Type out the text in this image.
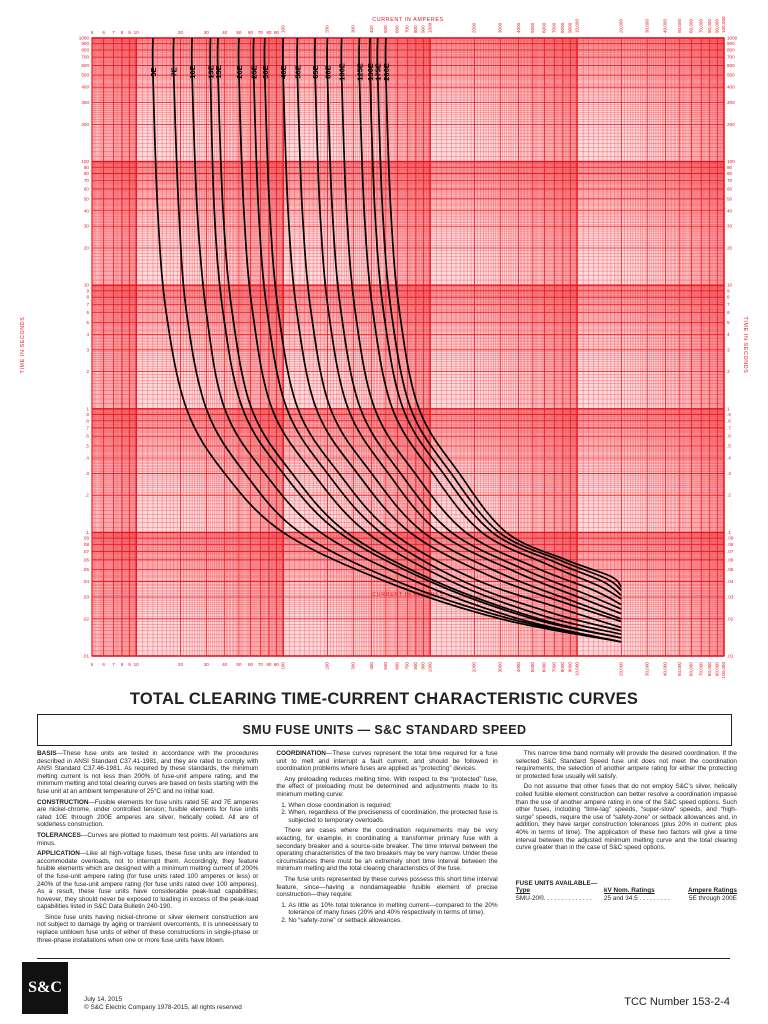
5
5
6
6
7
7
8
8
9
9
10
10
20
20
30
30
40
40
50
50
60
60
70
70
80
80
90
90
100
100
200
200
300
300
400
400
500
500
600
600
700
700
800
800
900
900
1000
1000
2000
2000
3000
3000
4000
4000
5000
5000
6000
6000
7000
7000
8000
8000
9000
9000
10,000
10,000
20,000
20,000
30,000
30,000
40,000
40,000
50,000
50,000
60,000
60,000
70,000
70,000
80,000
80,000
90,000
90,000
100,000
100,000
1000	1000
900	900
800	800
700	700
600	600
500	500
400	400
300	300
200	200
100	100
90	90
80	80
70	70
60	60
50	50
40	40
30	30
20	20
10	10
9	9
8	8
7	7
6	6
5	5
4	4
3	3
2	2
1	1
.9	.9
.8	.8
.7	.7
.6	.6
.5	.5
.4	.4
.3	.3
.2	.2
.1	.1
.09	.09
.08	.08
.07	.07
.06	.06
.05	.05
.04	.04
.03	.03
.02	.02
.01	.01
CURRENT IN AMPERES
CURRENT IN AMPERES
TIME IN SECONDS	TIME IN SECONDS
5E 7E 10E 13E
15E 20E 25E 30E 40E 50E 65E 80E 100E 125E 150E
175E 200E
TOTAL CLEARING TIME-CURRENT CHARACTERISTIC CURVES
SMU FUSE UNITS — S&C STANDARD SPEED

BASIS—These fuse units are tested in accordance with the procedures described in ANSI Standard C37.41-1981, and they are rated to comply with ANSI Standard C37.46-1981. As required by these standards, the minimum melting current is not less than 200% of fuse-unit ampere rating, and the minimum melting and total clearing curves are based on tests starting with the fuse unit at an ambient temperature of 25°C and no initial load.

CONSTRUCTION—Fusible elements for fuse units rated 5E and 7E amperes are nickel-chrome, under controlled tension; fusible elements for fuse units rated 10E through 200E amperes are silver, helically coiled. All are of solderless construction.

TOLERANCES—Curves are plotted to maximum test points. All variations are minus.

APPLICATION—Like all high-voltage fuses, these fuse units are intended to accommodate overloads, not to interrupt them. Accordingly, they feature fusible elements which are designed with a minimum melting current of 200% of the fuse-unit ampere rating (for fuse units rated 100 amperes or less) or 240% of the fuse-unit ampere rating (for fuse units rated over 100 amperes). As a result, these fuse units have considerable peak-load capabilities; however, they should never be exposed to loading in excess of the peak-load capabilities listed in S&C Data Bulletin 240-190.

Since fuse units having nickel-chrome or silver element construction are not subject to damage by aging or transient overcurrents, it is unnecessary to replace unblown fuse units of either of these constructions in single-phase or three-phase installations when one or more fuse units have blown.

COORDINATION—These curves represent the total time required for a fuse unit to melt and interrupt a fault current, and should be followed in coordination problems where fuses are applied as “protecting” devices.

Any preloading reduces melting time. With respect to the “protected” fuse, the effect of preloading must be determined and adjustments made to its minimum melting curve:

1. When close coordination is required;
2. When, regardless of the preciseness of coordination, the protected fuse is subjected to temporary overloads.

There are cases where the coordination requirements may be very exacting, for example, in coordinating a transformer primary fuse with a secondary breaker and a source-side breaker. The time interval between the operating characteristics of the two breakers may be very narrow. Under these circumstances there must be an extremely short time interval between the minimum melting and the total clearing characteristics of the fuse.

The fuse units represented by these curves possess this short time interval feature, since—having a nondamageable fusible element of precise construction—they require:

1. As little as 10% total tolerance in melting current—compared to the 20% tolerance of many fuses (20% and 40% respectively in terms of time).
2. No “safety-zone” or setback allowances.

This narrow time band normally will provide the desired coordination. If the selected S&C Standard Speed fuse unit does not meet the coordination requirements, the selection of another ampere rating for either the protecting or protected fuse usually will satisfy.

Do not assume that other fuses that do not employ S&C’s silver, helically coiled fusible element construction can better resolve a coordination impasse than the use of another ampere rating in one of the S&C speed options. Such other fuses, including “time-lag” speeds, “super-slow” speeds, and “high-surge” speeds, require the use of “safety-zone” or setback allowances and, in addition, they have larger construction tolerances (plus 20% in current; plus 40% in terms of time). The application of these two factors will give a time interval between the adjusted minimum melting curve and the total clearing curve greater than in the case of S&C speed options.

FUSE UNITS AVAILABLE—
Type	kV Nom. Ratings	Ampere Ratings
SMU-20®. . . . . . . . . . . . . .	25 and 34.5 . . . . . . . . .	5E through 200E
S&C
July 14, 2015
© S&C Electric Company 1978-2015, all rights reserved	TCC Number 153-2-4
